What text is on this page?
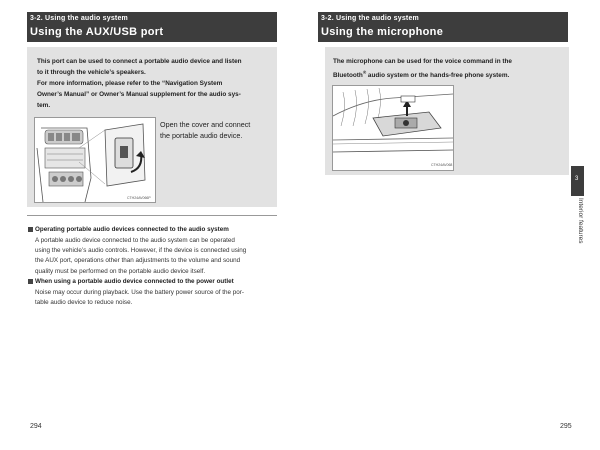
3-2. Using the audio system
Using the AUX/USB port

This port can be used to connect a portable audio device and listen

to it through the vehicle’s speakers.

For more information, please refer to the “Navigation System

Owner’s Manual” or Owner’s Manual supplement for the audio sys-

tem.

CTH24AV066P
Open the cover and connect
the portable audio device.
Operating portable audio devices connected to the audio system
A portable audio device connected to the audio system can be operated
using the vehicle’s audio controls. However, if the device is connected using
the AUX port, operations other than adjustments to the volume and sound
quality must be performed on the portable audio device itself.
When using a portable audio device connected to the power outlet
Noise may occur during playback. Use the battery power source of the por-
table audio device to reduce noise.
294
3-2. Using the audio system
Using the microphone

The microphone can be used for the voice command in the

Bluetooth® audio system or the hands-free phone system.

CTH24AV068
295
3
Interior features
